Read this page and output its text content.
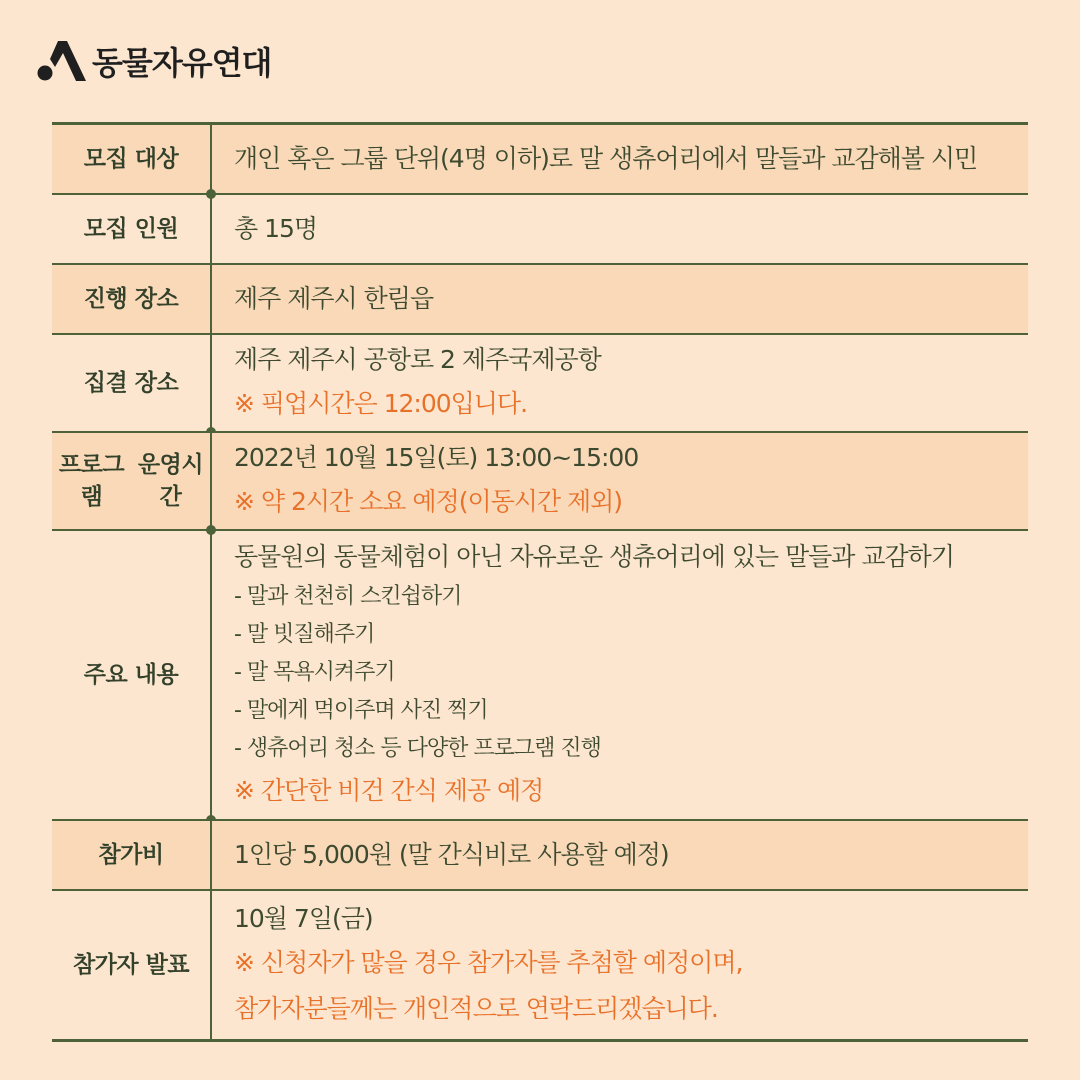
동물자유연대
모집 대상 개인 혹은 그룹 단위(4명 이하)로 말 생츄어리에서 말들과 교감해볼 시민
모집 인원 총 15명
진행 장소 제주 제주시 한림읍
집결 장소
제주 제주시 공항로 2 제주국제공항
※ 픽업시간은 12:00입니다.
프로그램

운영시간
2022년 10월 15일(토) 13:00~15:00
※ 약 2시간 소요 예정(이동시간 제외)
주요 내용
동물원의 동물체험이 아닌 자유로운 생츄어리에 있는 말들과 교감하기
- 말과 천천히 스킨쉽하기
- 말 빗질해주기
- 말 목욕시켜주기
- 말에게 먹이주며 사진 찍기
- 생츄어리 청소 등 다양한 프로그램 진행
※ 간단한 비건 간식 제공 예정
참가비	1인당 5,000원 (말 간식비로 사용할 예정)
참가자 발표
10월 7일(금)
※ 신청자가 많을 경우 참가자를 추첨할 예정이며,
참가자분들께는 개인적으로 연락드리겠습니다.
